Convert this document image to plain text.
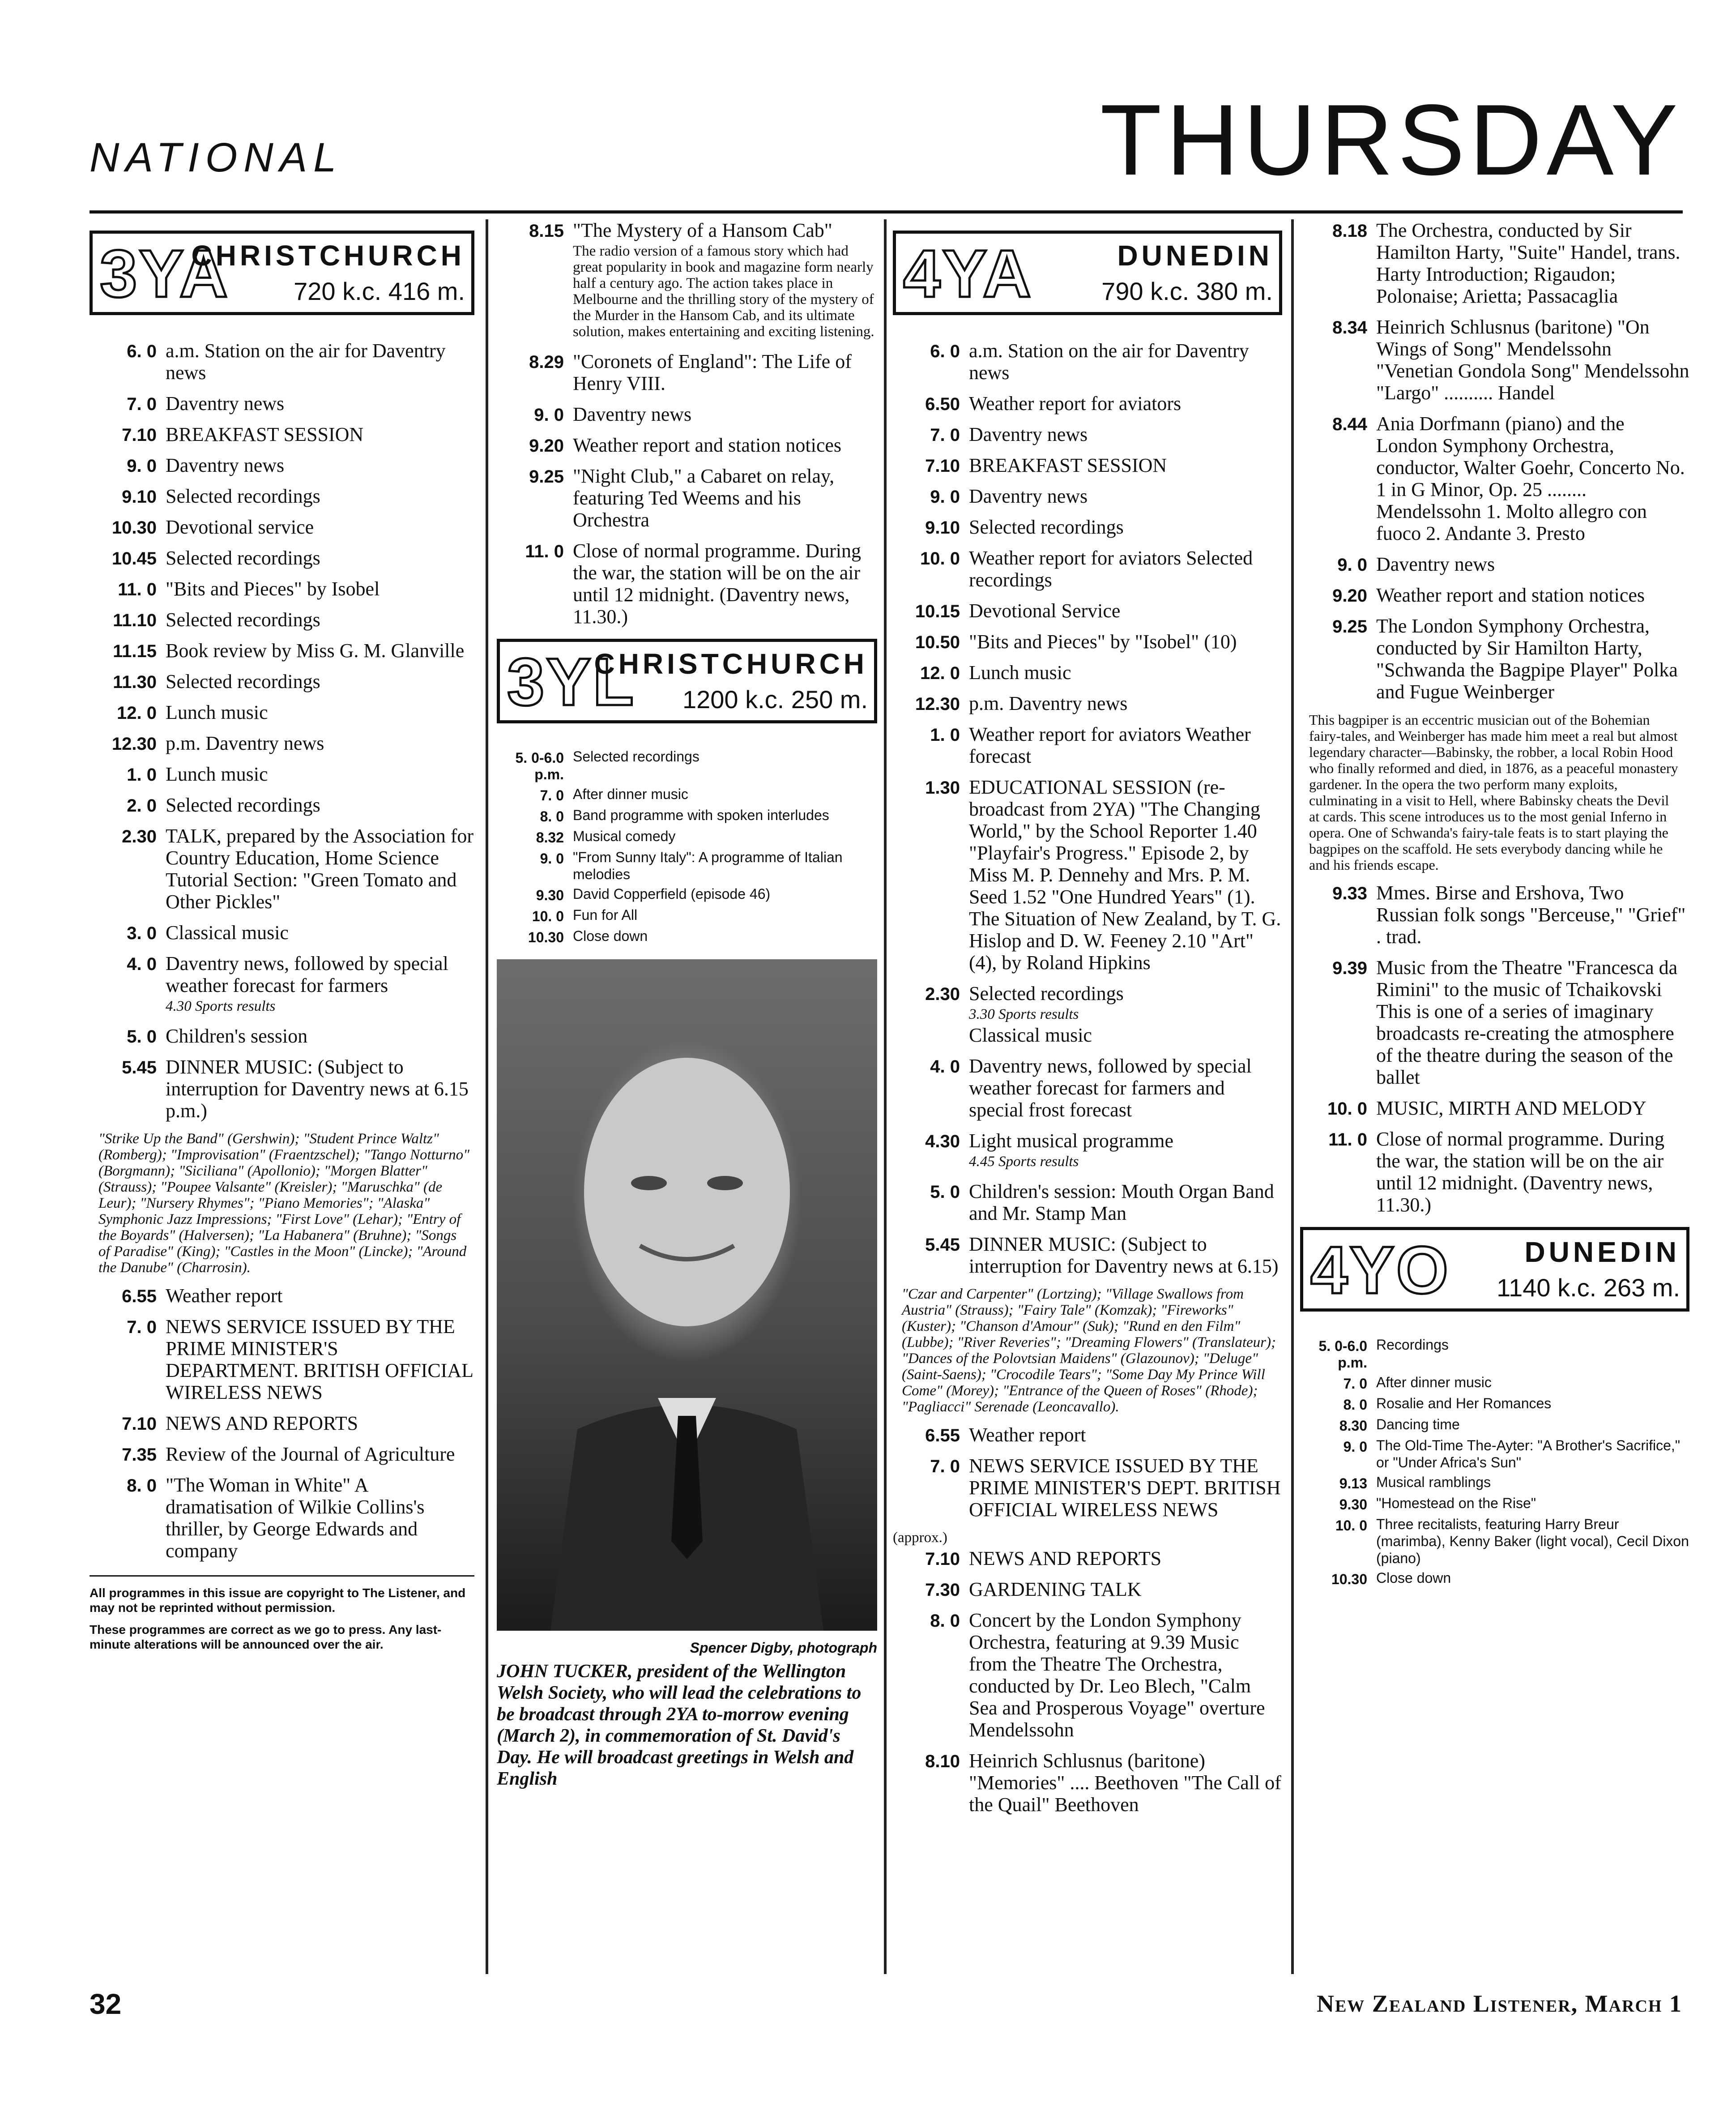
NATIONAL	THURSDAY
3YA
CHRISTCHURCH
720 k.c. 416 m.
6. 0 a.m. Station on the air for Daventry news
7. 0 Daventry news
7.10 BREAKFAST SESSION
9. 0 Daventry news
9.10 Selected recordings
10.30 Devotional service
10.45 Selected recordings
11. 0 "Bits and Pieces" by Isobel
11.10 Selected recordings
11.15 Book review by Miss G. M. Glanville
11.30 Selected recordings
12. 0 Lunch music
12.30 p.m. Daventry news
1. 0 Lunch music
2. 0 Selected recordings
2.30 TALK, prepared by the Association for Country Education, Home Science Tutorial Section: "Green Tomato and Other Pickles"
3. 0 Classical music
4. 0 Daventry news, followed by special weather forecast for farmers
4.30 Sports results
5. 0 Children's session
5.45 DINNER MUSIC: (Subject to interruption for Daventry news at 6.15 p.m.)
"Strike Up the Band" (Gershwin); "Student Prince Waltz" (Romberg); "Improvisation" (Fraentzschel); "Tango Notturno" (Borgmann); "Siciliana" (Apollonio); "Morgen Blatter" (Strauss); "Poupee Valsante" (Kreisler); "Maruschka" (de Leur); "Nursery Rhymes"; "Piano Memories"; "Alaska" Symphonic Jazz Impressions; "First Love" (Lehar); "Entry of the Boyards" (Halversen); "La Habanera" (Bruhne); "Songs of Paradise" (King); "Castles in the Moon" (Lincke); "Around the Danube" (Charrosin).
6.55 Weather report
7. 0 NEWS SERVICE ISSUED BY THE PRIME MINISTER'S DEPARTMENT. BRITISH OFFICIAL WIRELESS NEWS
7.10 NEWS AND REPORTS
7.35 Review of the Journal of Agriculture
8. 0 "The Woman in White" A dramatisation of Wilkie Collins's thriller, by George Edwards and company
All programmes in this issue are copyright to The Listener, and may not be reprinted without permission.
These programmes are correct as we go to press. Any last-minute alterations will be announced over the air.
8.15 "The Mystery of a Hansom Cab"
The radio version of a famous story which had great popularity in book and magazine form nearly half a century ago. The action takes place in Melbourne and the thrilling story of the mystery of the Murder in the Hansom Cab, and its ultimate solution, makes entertaining and exciting listening.
8.29 "Coronets of England": The Life of Henry VIII.
9. 0 Daventry news
9.20 Weather report and station notices
9.25 "Night Club," a Cabaret on relay, featuring Ted Weems and his Orchestra
11. 0 Close of normal programme. During the war, the station will be on the air until 12 midnight. (Daventry news, 11.30.)
3YL
CHRISTCHURCH
1200 k.c. 250 m.
5. 0-6.0 p.m.
Selected recordings
7. 0 After dinner music
8. 0 Band programme with spoken interludes
8.32 Musical comedy
9. 0 "From Sunny Italy": A programme of Italian melodies
9.30 David Copperfield (episode 46)
10. 0 Fun for All
10.30 Close down
Spencer Digby, photograph
JOHN TUCKER, president of the Wellington Welsh Society, who will lead the celebrations to be broadcast through 2YA to-morrow evening (March 2), in commemoration of St. David's Day. He will broadcast greetings in Welsh and English
4YA	DUNEDIN
790 k.c. 380 m.
6. 0 a.m. Station on the air for Daventry news
6.50 Weather report for aviators
7. 0 Daventry news
7.10 BREAKFAST SESSION
9. 0 Daventry news
9.10 Selected recordings
10. 0 Weather report for aviators Selected recordings
10.15 Devotional Service
10.50 "Bits and Pieces" by "Isobel" (10)
12. 0 Lunch music
12.30 p.m. Daventry news
1. 0 Weather report for aviators Weather forecast
1.30 EDUCATIONAL SESSION (re-broadcast from 2YA) "The Changing World," by the School Reporter 1.40 "Playfair's Progress." Episode 2, by Miss M. P. Dennehy and Mrs. P. M. Seed 1.52 "One Hundred Years" (1). The Situation of New Zealand, by T. G. Hislop and D. W. Feeney 2.10 "Art" (4), by Roland Hipkins
2.30 Selected recordings
3.30 Sports results
Classical music
4. 0 Daventry news, followed by special weather forecast for farmers and special frost forecast
4.30 Light musical programme
4.45 Sports results
5. 0 Children's session: Mouth Organ Band and Mr. Stamp Man
5.45 DINNER MUSIC: (Subject to interruption for Daventry news at 6.15)
"Czar and Carpenter" (Lortzing); "Village Swallows from Austria" (Strauss); "Fairy Tale" (Komzak); "Fireworks" (Kuster); "Chanson d'Amour" (Suk); "Rund en den Film" (Lubbe); "River Reveries"; "Dreaming Flowers" (Translateur); "Dances of the Polovtsian Maidens" (Glazounov); "Deluge" (Saint-Saens); "Crocodile Tears"; "Some Day My Prince Will Come" (Morey); "Entrance of the Queen of Roses" (Rhode); "Pagliacci" Serenade (Leoncavallo).
6.55 Weather report
7. 0 NEWS SERVICE ISSUED BY THE PRIME MINISTER'S DEPT. BRITISH OFFICIAL WIRELESS NEWS
(approx.)
7.10 NEWS AND REPORTS
7.30 GARDENING TALK
8. 0 Concert by the London Symphony Orchestra, featuring at 9.39 Music from the Theatre The Orchestra, conducted by Dr. Leo Blech, "Calm Sea and Prosperous Voyage" overture Mendelssohn
8.10 Heinrich Schlusnus (baritone) "Memories" .... Beethoven "The Call of the Quail" Beethoven
8.18 The Orchestra, conducted by Sir Hamilton Harty, "Suite" Handel, trans. Harty Introduction; Rigaudon; Polonaise; Arietta; Passacaglia
8.34 Heinrich Schlusnus (baritone) "On Wings of Song" Mendelssohn "Venetian Gondola Song" Mendelssohn "Largo" .......... Handel
8.44 Ania Dorfmann (piano) and the London Symphony Orchestra, conductor, Walter Goehr, Concerto No. 1 in G Minor, Op. 25 ........ Mendelssohn 1. Molto allegro con fuoco 2. Andante 3. Presto
9. 0 Daventry news
9.20 Weather report and station notices
9.25 The London Symphony Orchestra, conducted by Sir Hamilton Harty, "Schwanda the Bagpipe Player" Polka and Fugue Weinberger
This bagpiper is an eccentric musician out of the Bohemian fairy-tales, and Weinberger has made him meet a real but almost legendary character—Babinsky, the robber, a local Robin Hood who finally reformed and died, in 1876, as a peaceful monastery gardener. In the opera the two perform many exploits, culminating in a visit to Hell, where Babinsky cheats the Devil at cards. This scene introduces us to the most genial Inferno in opera. One of Schwanda's fairy-tale feats is to start playing the bagpipes on the scaffold. He sets everybody dancing while he and his friends escape.
9.33 Mmes. Birse and Ershova, Two Russian folk songs "Berceuse," "Grief" . trad.
9.39 Music from the Theatre "Francesca da Rimini" to the music of Tchaikovski This is one of a series of imaginary broadcasts re-creating the atmosphere of the theatre during the season of the ballet
10. 0 MUSIC, MIRTH AND MELODY
11. 0 Close of normal programme. During the war, the station will be on the air until 12 midnight. (Daventry news, 11.30.)
4YO	DUNEDIN
1140 k.c. 263 m.
5. 0-6.0 p.m.
Recordings
7. 0 After dinner music
8. 0 Rosalie and Her Romances
8.30 Dancing time
9. 0 The Old-Time The-Ayter: "A Brother's Sacrifice," or "Under Africa's Sun"
9.13 Musical ramblings
9.30 "Homestead on the Rise"
10. 0 Three recitalists, featuring Harry Breur (marimba), Kenny Baker (light vocal), Cecil Dixon (piano)
10.30 Close down
32	New Zealand Listener, March 1
